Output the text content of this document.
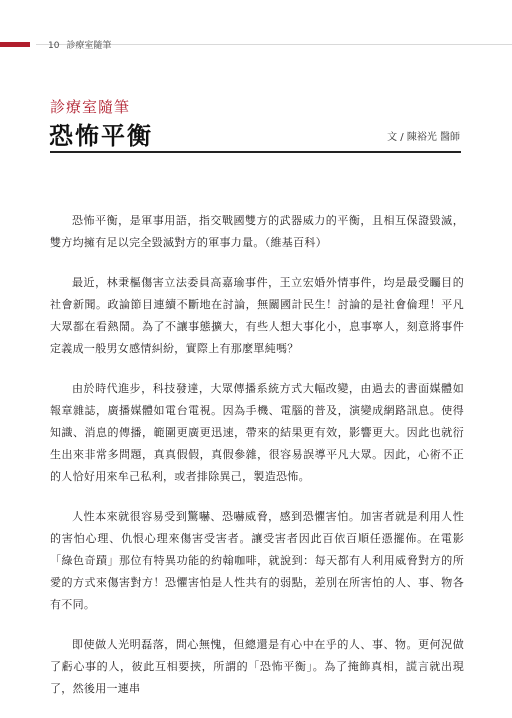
10 診療室隨筆
診療室隨筆
恐怖平衡	文 / 陳裕光 醫師

恐怖平衡，是軍事用語，指交戰國雙方的武器威力的平衡，且相互保證毀滅，雙方均擁有足以完全毀滅對方的軍事力量。（維基百科）

最近，林秉樞傷害立法委員高嘉瑜事件，王立宏婚外情事件，均是最受矚目的社會新聞。政論節目連續不斷地在討論，無關國計民生！討論的是社會倫理！平凡大眾都在看熱鬧。為了不讓事態擴大，有些人想大事化小，息事寧人，刻意將事件定義成一般男女感情糾紛，實際上有那麼單純嗎？

由於時代進步，科技發達，大眾傳播系統方式大幅改變，由過去的書面媒體如報章雜誌，廣播媒體如電台電視。因為手機、電腦的普及，演變成網路訊息。使得知識、消息的傳播，範圍更廣更迅速，帶來的結果更有效，影響更大。因此也就衍生出來非常多問題，真真假假，真假參雜，很容易誤導平凡大眾。因此，心術不正的人恰好用來牟己私利，或者排除異己，製造恐怖。

人性本來就很容易受到驚嚇、恐嚇威脅，感到恐懼害怕。加害者就是利用人性的害怕心理、仇恨心理來傷害受害者。讓受害者因此百依百順任憑擺佈。在電影「綠色奇蹟」那位有特異功能的約翰咖啡，就說到：每天都有人利用威脅對方的所愛的方式來傷害對方！恐懼害怕是人性共有的弱點，差別在所害怕的人、事、物各有不同。

即使做人光明磊落，問心無愧，但總還是有心中在乎的人、事、物。更何況做了虧心事的人，彼此互相要挾，所謂的「恐怖平衡」。為了掩飾真相，謊言就出現了，然後用一連串
